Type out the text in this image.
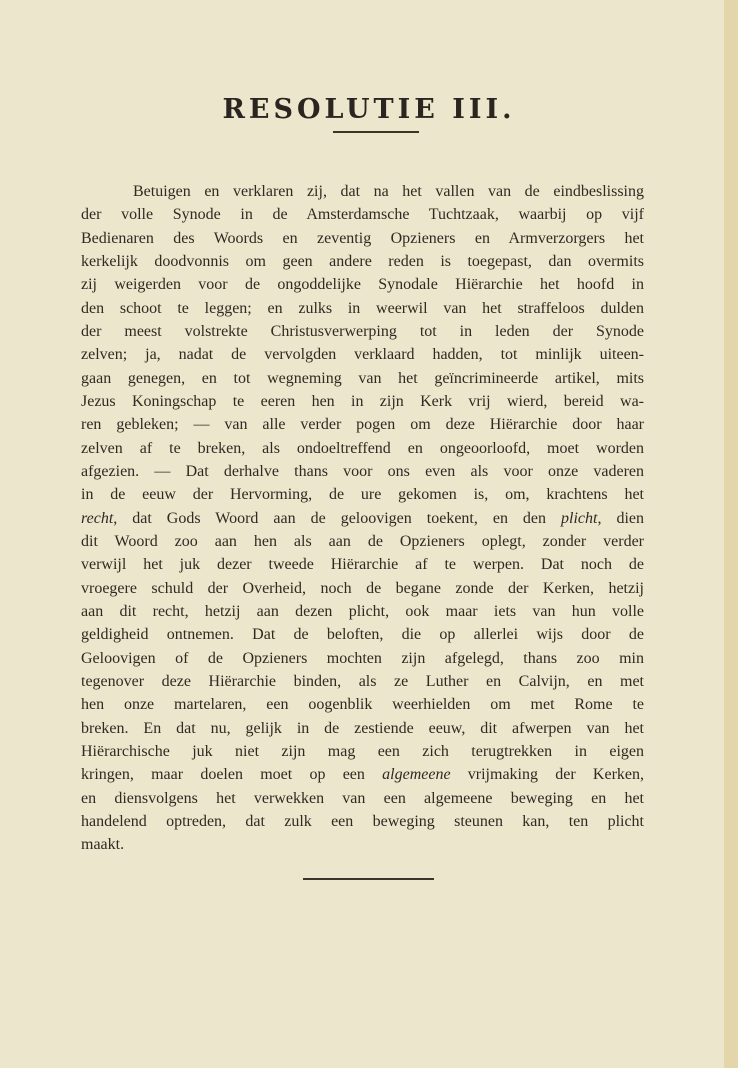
RESOLUTIE III.
Betuigen en verklaren zij, dat na het vallen van de eindbeslissing
der volle Synode in de Amsterdamsche Tuchtzaak, waarbij op vijf
Bedienaren des Woords en zeventig Opzieners en Armverzorgers het
kerkelijk doodvonnis om geen andere reden is toegepast, dan overmits
zij weigerden voor de ongoddelijke Synodale Hiërarchie het hoofd in
den schoot te leggen; en zulks in weerwil van het straffeloos dulden
der meest volstrekte Christusverwerping tot in leden der Synode
zelven; ja, nadat de vervolgden verklaard hadden, tot minlijk uiteen-
gaan genegen, en tot wegneming van het geïncrimineerde artikel, mits
Jezus Koningschap te eeren hen in zijn Kerk vrij wierd, bereid wa-
ren gebleken; — van alle verder pogen om deze Hiërarchie door haar
zelven af te breken, als ondoeltreffend en ongeoorloofd, moet worden
afgezien. — Dat derhalve thans voor ons even als voor onze vaderen
in de eeuw der Hervorming, de ure gekomen is, om, krachtens het
recht, dat Gods Woord aan de geloovigen toekent, en den plicht, dien
dit Woord zoo aan hen als aan de Opzieners oplegt, zonder verder
verwijl het juk dezer tweede Hiërarchie af te werpen. Dat noch de
vroegere schuld der Overheid, noch de begane zonde der Kerken, hetzij
aan dit recht, hetzij aan dezen plicht, ook maar iets van hun volle
geldigheid ontnemen. Dat de beloften, die op allerlei wijs door de
Geloovigen of de Opzieners mochten zijn afgelegd, thans zoo min
tegenover deze Hiërarchie binden, als ze Luther en Calvijn, en met
hen onze martelaren, een oogenblik weerhielden om met Rome te
breken. En dat nu, gelijk in de zestiende eeuw, dit afwerpen van het
Hiërarchische juk niet zijn mag een zich terugtrekken in eigen
kringen, maar doelen moet op een algemeene vrijmaking der Kerken,
en diensvolgens het verwekken van een algemeene beweging en het
handelend optreden, dat zulk een beweging steunen kan, ten plicht
maakt.
